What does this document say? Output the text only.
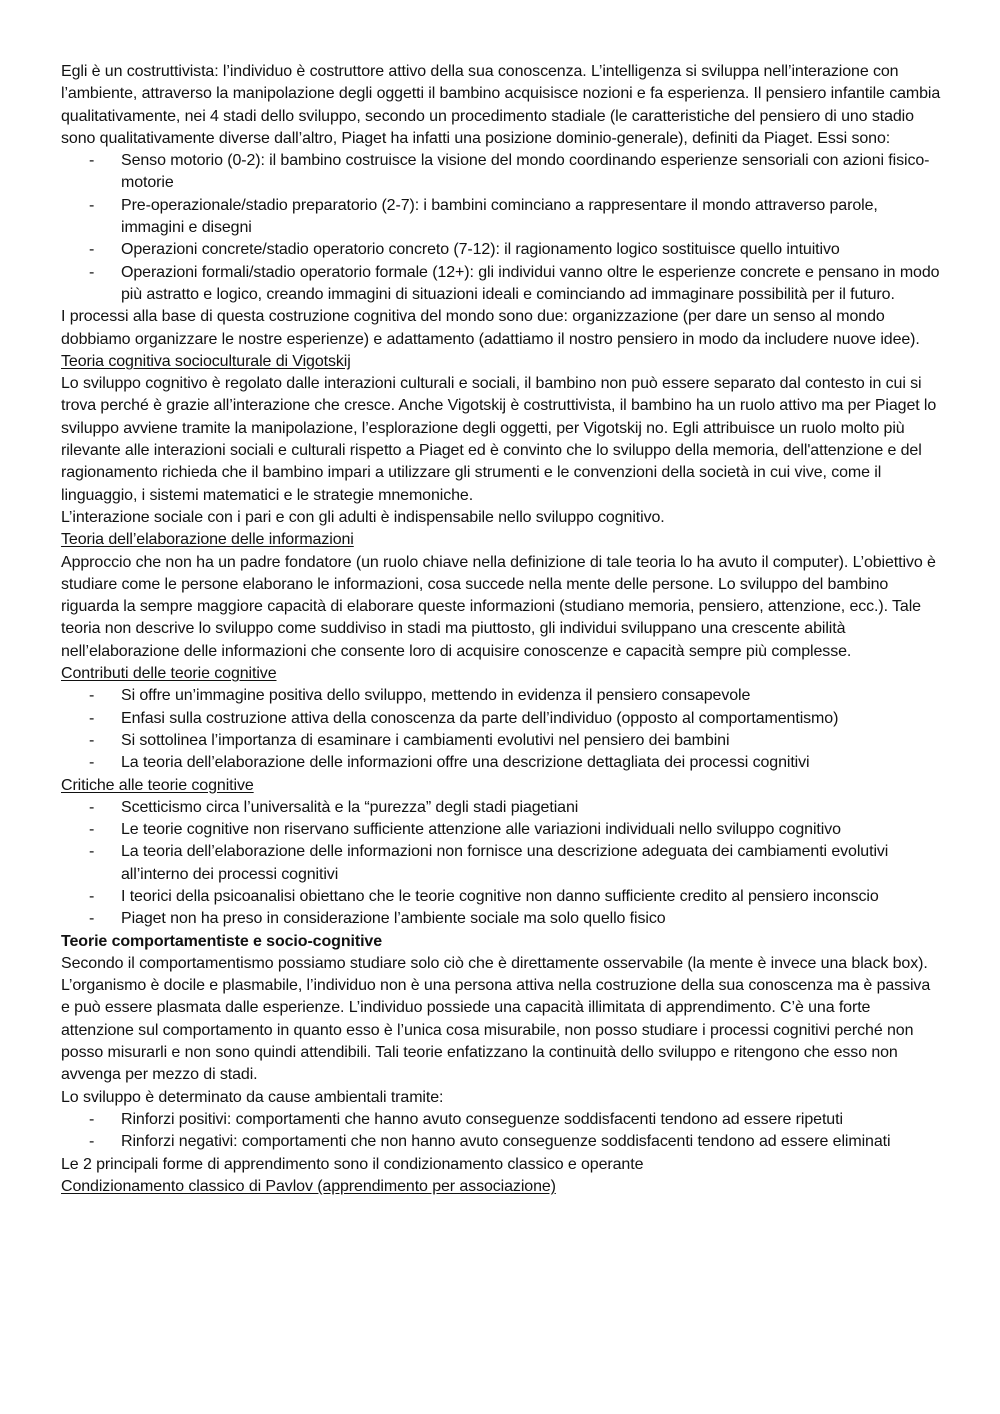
Egli è un costruttivista: l’individuo è costruttore attivo della sua conoscenza. L’intelligenza si sviluppa nell’interazione con l’ambiente, attraverso la manipolazione degli oggetti il bambino acquisisce nozioni e fa esperienza. Il pensiero infantile cambia qualitativamente, nei 4 stadi dello sviluppo, secondo un procedimento stadiale (le caratteristiche del pensiero di uno stadio sono qualitativamente diverse dall’altro, Piaget ha infatti una posizione dominio-generale), definiti da Piaget. Essi sono:

- Senso motorio (0-2): il bambino costruisce la visione del mondo coordinando esperienze sensoriali con azioni fisico-motorie
- Pre-operazionale/stadio preparatorio (2-7): i bambini cominciano a rappresentare il mondo attraverso parole, immagini e disegni
- Operazioni concrete/stadio operatorio concreto (7-12): il ragionamento logico sostituisce quello intuitivo
- Operazioni formali/stadio operatorio formale (12+): gli individui vanno oltre le esperienze concrete e pensano in modo più astratto e logico, creando immagini di situazioni ideali e cominciando ad immaginare possibilità per il futuro.

I processi alla base di questa costruzione cognitiva del mondo sono due: organizzazione (per dare un senso al mondo dobbiamo organizzare le nostre esperienze) e adattamento (adattiamo il nostro pensiero in modo da includere nuove idee).

Teoria cognitiva socioculturale di Vigotskij

Lo sviluppo cognitivo è regolato dalle interazioni culturali e sociali, il bambino non può essere separato dal contesto in cui si trova perché è grazie all’interazione che cresce. Anche Vigotskij è costruttivista, il bambino ha un ruolo attivo ma per Piaget lo sviluppo avviene tramite la manipolazione, l’esplorazione degli oggetti, per Vigotskij no. Egli attribuisce un ruolo molto più rilevante alle interazioni sociali e culturali rispetto a Piaget ed è convinto che lo sviluppo della memoria, dell'attenzione e del ragionamento richieda che il bambino impari a utilizzare gli strumenti e le convenzioni della società in cui vive, come il linguaggio, i sistemi matematici e le strategie mnemoniche.

L’interazione sociale con i pari e con gli adulti è indispensabile nello sviluppo cognitivo.

Teoria dell’elaborazione delle informazioni

Approccio che non ha un padre fondatore (un ruolo chiave nella definizione di tale teoria lo ha avuto il computer). L’obiettivo è studiare come le persone elaborano le informazioni, cosa succede nella mente delle persone. Lo sviluppo del bambino riguarda la sempre maggiore capacità di elaborare queste informazioni (studiano memoria, pensiero, attenzione, ecc.). Tale teoria non descrive lo sviluppo come suddiviso in stadi ma piuttosto, gli individui sviluppano una crescente abilità nell’elaborazione delle informazioni che consente loro di acquisire conoscenze e capacità sempre più complesse.

Contributi delle teorie cognitive

- Si offre un’immagine positiva dello sviluppo, mettendo in evidenza il pensiero consapevole
- Enfasi sulla costruzione attiva della conoscenza da parte dell’individuo (opposto al comportamentismo)
- Si sottolinea l’importanza di esaminare i cambiamenti evolutivi nel pensiero dei bambini
- La teoria dell’elaborazione delle informazioni offre una descrizione dettagliata dei processi cognitivi

Critiche alle teorie cognitive

- Scetticismo circa l’universalità e la “purezza” degli stadi piagetiani
- Le teorie cognitive non riservano sufficiente attenzione alle variazioni individuali nello sviluppo cognitivo
- La teoria dell’elaborazione delle informazioni non fornisce una descrizione adeguata dei cambiamenti evolutivi all’interno dei processi cognitivi
- I teorici della psicoanalisi obiettano che le teorie cognitive non danno sufficiente credito al pensiero inconscio
- Piaget non ha preso in considerazione l’ambiente sociale ma solo quello fisico

Teorie comportamentiste e socio-cognitive

Secondo il comportamentismo possiamo studiare solo ciò che è direttamente osservabile (la mente è invece una black box). L’organismo è docile e plasmabile, l’individuo non è una persona attiva nella costruzione della sua conoscenza ma è passiva e può essere plasmata dalle esperienze. L’individuo possiede una capacità illimitata di apprendimento. C’è una forte attenzione sul comportamento in quanto esso è l’unica cosa misurabile, non posso studiare i processi cognitivi perché non posso misurarli e non sono quindi attendibili. Tali teorie enfatizzano la continuità dello sviluppo e ritengono che esso non avvenga per mezzo di stadi.

Lo sviluppo è determinato da cause ambientali tramite:

- Rinforzi positivi: comportamenti che hanno avuto conseguenze soddisfacenti tendono ad essere ripetuti
- Rinforzi negativi: comportamenti che non hanno avuto conseguenze soddisfacenti tendono ad essere eliminati

Le 2 principali forme di apprendimento sono il condizionamento classico e operante

Condizionamento classico di Pavlov (apprendimento per associazione)
